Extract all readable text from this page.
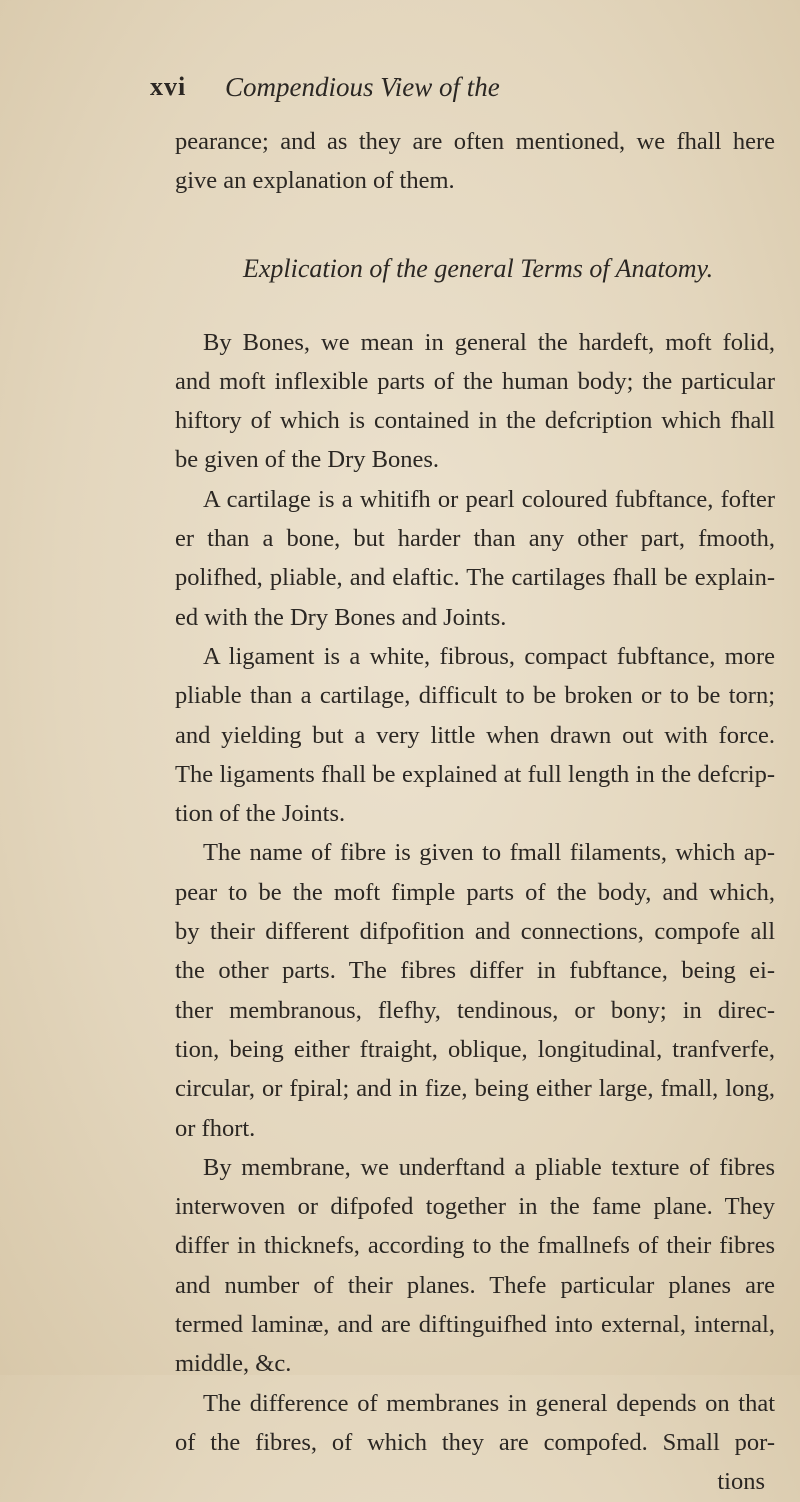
xvi Compendious View of the
pearance; and as they are often mentioned, we fhall here
give an explanation of them.
Explication of the general Terms of Anatomy.
By Bones, we mean in general the hardeft, moft folid,
and moft inflexible parts of the human body; the particular
hiftory of which is contained in the defcription which fhall
be given of the Dry Bones.
A cartilage is a whitifh or pearl coloured fubftance, fofter
er than a bone, but harder than any other part, fmooth,
polifhed, pliable, and elaftic. The cartilages fhall be explain-
ed with the Dry Bones and Joints.
A ligament is a white, fibrous, compact fubftance, more
pliable than a cartilage, difficult to be broken or to be torn;
and yielding but a very little when drawn out with force.
The ligaments fhall be explained at full length in the defcrip-
tion of the Joints.
The name of fibre is given to fmall filaments, which ap-
pear to be the moft fimple parts of the body, and which,
by their different difpofition and connections, compofe all
the other parts. The fibres differ in fubftance, being ei-
ther membranous, flefhy, tendinous, or bony; in direc-
tion, being either ftraight, oblique, longitudinal, tranfverfe,
circular, or fpiral; and in fize, being either large, fmall, long,
or fhort.
By membrane, we underftand a pliable texture of fibres
interwoven or difpofed together in the fame plane. They
differ in thicknefs, according to the fmallnefs of their fibres
and number of their planes. Thefe particular planes are
termed laminæ, and are diftinguifhed into external, internal,
middle, &c.
The difference of membranes in general depends on that
of the fibres, of which they are compofed. Small por-
tions
